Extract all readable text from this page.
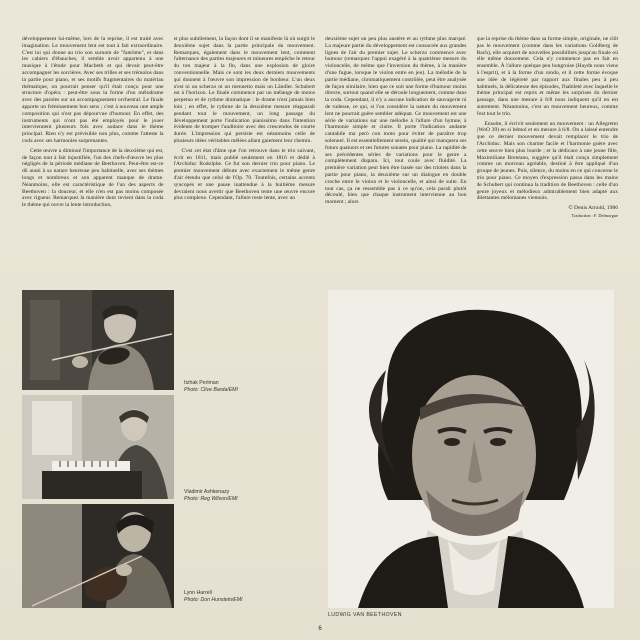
développement lui-même, lors de la reprise, il est traité avec imagination. Le mouvement lent est tout à fait extraordinaire. C'est lui qui donne au trio son surnom de "fantôme", et dans les cahiers d'ébauches, il semble avoir appartenu à une musique à l'étude pour Macbeth et qui devait peut-être accompagner les sorcières. Avec ses trilles et ses trémolos dans la partie pour piano, et ses motifs fragmentaires du matériau thématique, on pourrait penser qu'il était conçu pour une structure d'opéra : peut-être sous la forme d'un mélodrame avec des paroles sur un accompagnement orchestral. Le finale apporte un frémissement bon sens ; c'est à nouveau une ample composition qui n'est pas dépourvue d'humour. En effet, des instruments qui n'ont pas été employés pour le jouer interviennent plusieurs fois avec audace dans le thème principal. Rien n'y est prévisible non plus, comme l'atteste la coda avec ses harmonies surprenantes.

Cette œuvre a diminué l'importance de la deuxième qui est, de façon tout à fait injustifiée, l'un des chefs-d'œuvre les plus négligés de la période médiane de Beethoven. Peut-être est-ce dû aussi à sa nature heureuse peu habituelle, avec ses thèmes longs et nombreux et son apparent manque de drame. Néanmoins, elle est caractéristique de l'un des aspects de Beethoven : la douceur, et elle n'en est pas moins composée avec rigueur. Remarquez la manière dont revient dans la coda le thème qui ouvre la lente introduction,

et plus subtilement, la façon dont il se manifeste là où surgit le deuxième sujet dans la partie principale du mouvement. Remarquez, également dans le mouvement lent, comment l'alternance des parties majeures et mineures empêche le retour du ton majeur à la fin, dans une explosion de gloire conventionnelle. Mais ce sont les deux derniers mouvements qui donnent à l'œuvre son impression de bonheur. L'un deux n'est ni un scherzo ni un menuetto mais un Ländler. Schubert est à l'horizon. Le finale commence par un mélange de motos perpetuo et de rythme dramatique : le drame n'est jamais bien loin ; en effet, le rythme de la deuxième mesure réapparaît pendant tout le mouvement, un long passage du développement porte l'indication pianissimo dans l'intention évidente de tromper l'auditoire avec des crescendos de courte durée. L'impression qui persiste est néanmoins celle de plusieurs idées véritables mêlées allant gaiement leur chemin.

C'est cet état d'âme que l'on retrouve dans le trio suivant, écrit en 1811, mais publié seulement en 1816 et dédié à l'Archiduc Rodolphe. Ce fut son dernier trio pour piano. Le premier mouvement débute avec exactement le même genre d'air étendu que celui de l'Op. 70. Toutefois, certains accents syncopés et une pause inattendue à la huitième mesure devraient nous avertir que Beethoven tente une œuvre encore plus complexe. Cependant, l'allure reste lente, avec un

deuxième sujet un peu plus austère et au rythme plus marqué. La majeure partie du développement est consacrée aux grandes lignes de l'air du premier sujet. Le scherzo commence avec humour (remarquez l'appui exagéré à la quatrième mesure du violoncelle, de même que l'inversion du thème, à la manière d'une fugue, lorsque le violon entre en jeu). La mélodie de la partie médiane, chromatiquement contrôlée, peut être analysée de façon similaire, bien que ce soit une forme d'humour moins directe, surtout quand elle se déroule longuement, comme dans la coda. Cependant, il n'y a aucune indication de sauvagerie ni de rudesse, ce qui, si l'on considère la nature du mouvement lent ne pourrait guère sembler adéquat. Ce mouvement est une série de variations sur une mélodie à l'allure d'un hymne, à l'harmonie simple et claire. Il porte l'indication andante cantabile ma però con moto pour éviter de paraître trop solennel. Il est essentiellement serein, qualité qui manquera ses futurs quatuors et ses futures sonates pour piano. La rapidité de ses précédentes séries de variations pour le genre a complètement disparu. Ici, tout coule avec fluidité. La première variation peut bien être basée sur des triolets dans la partie pour piano, la deuxième sur un dialogue en double croche entre le violon et le violoncelle, et ainsi de suite. En tout cas, ça ne ressemble pas à ce qu'on, cela paraît plutôt découlé, bien que chaque instrument intervienne au bon moment ; alors

que la reprise du thème dans sa forme simple, originale, ne clôt pas le mouvement (comme dans les variations Goldberg de Bach), elle acquiert de nouvelles possibilités jusqu'au finale où elle même doucement. Cela n'y commence pas en fait en ensemble. À l'allure quelque peu hongroise (Haydn nous viens à l'esprit), et à la forme d'un rondo, et il cette forme évoque une idée de légèreté par rapport aux finales peu à peu habituels, la délicatesse des épisodes, l'habileté avec laquelle le thème principal est repris et même les surprises du dernier passage, dans une mesure à 6/8 nous indiquent qu'il en est autrement. Néanmoins, c'est un mouvement heureux, comme l'est tout le trio.

Ensuite, il écrivit seulement un mouvement : un Allegretto (WoO 39) en si bémol et en mesure à 6/8. On a laissé entendre que ce dernier mouvement devait remplacer le trio de l'Archiduc. Mais son charme facile et l'harmonie guère avec cette œuvre bien plus lourde ; et la dédicace à une jeune fille, Maximiliane Brentano, suggère qu'il était conçu simplement comme un morceau agréable, destiné à être appliqué d'un groupe de jeunes. Puis, silence, du moins en ce qui concerne le trio pour piano. Ce moyen d'expression passa dans les mains de Schubert qui continua la tradition de Beethoven : celle d'un genre joyeux et mélodieux admirablement bien adapté aux dilettantes mélomanes viennois.

© Denis Arnold, 1986
Traduction : F. Delmorgue
Itzhak Perlman
Photo: Clive Barda/EMI
Vladimir Ashkenazy
Photo: Reg Wilson/EMI
Lynn Harrell
Photo: Don Hunstein/EMI
LUDWIG VAN BEETHOVEN
6
